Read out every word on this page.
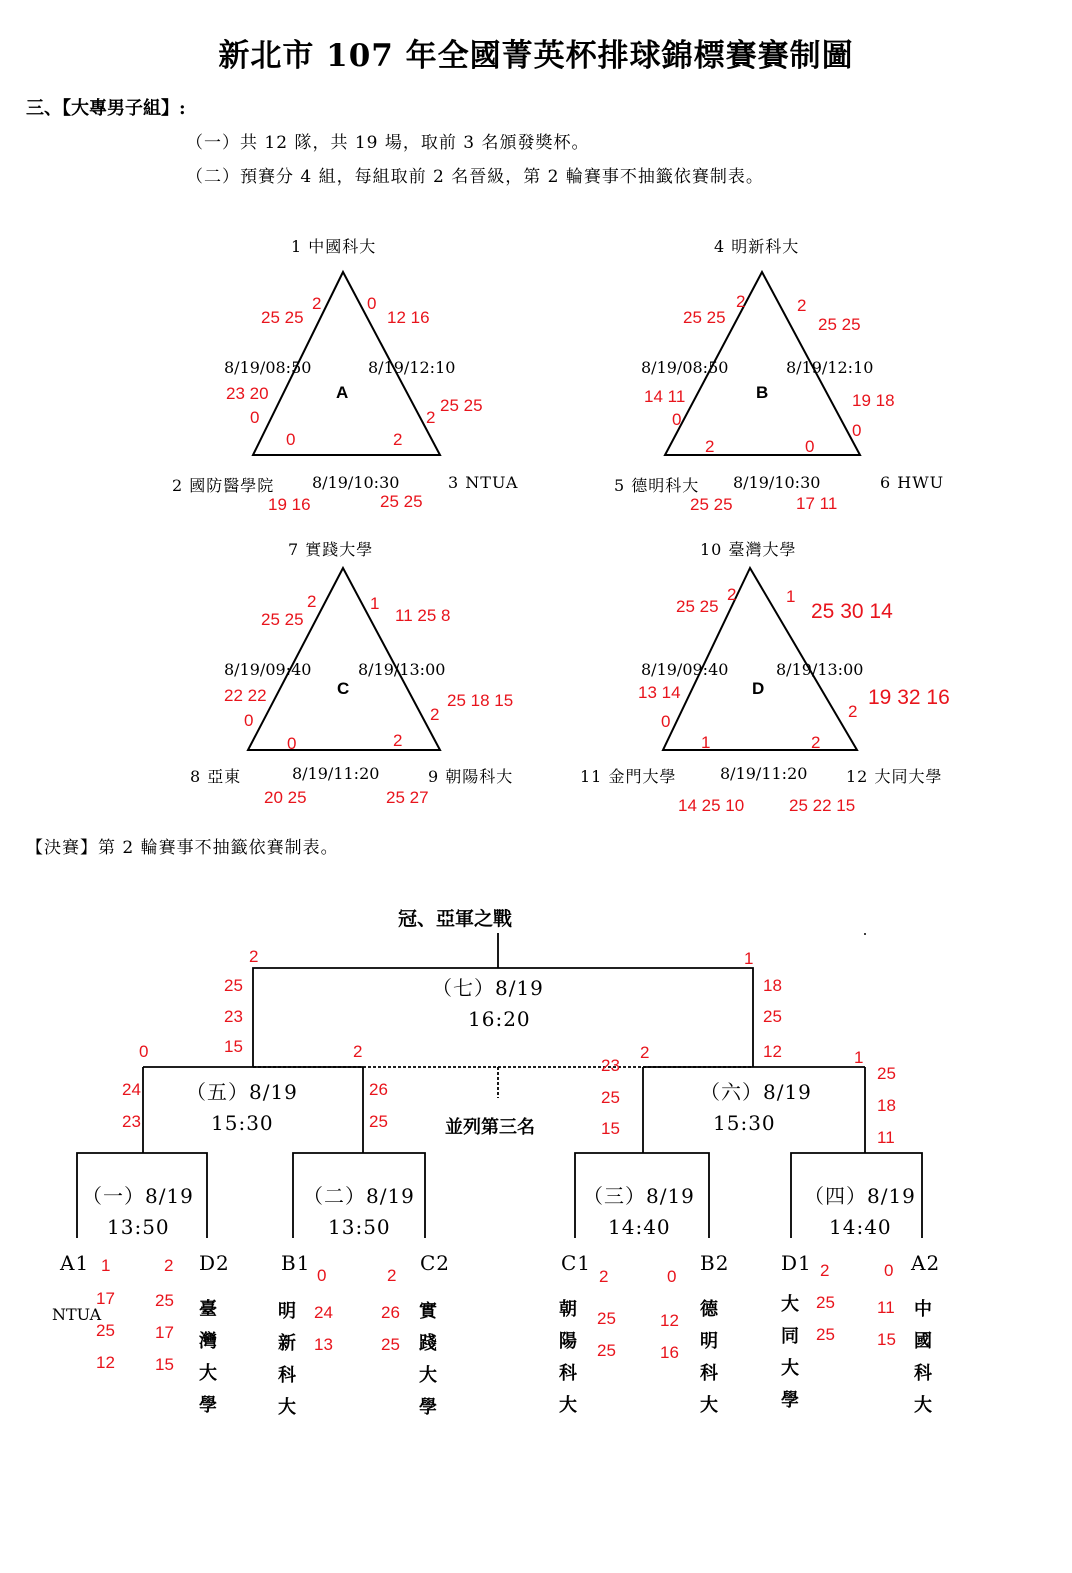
新北市 107 年全國菁英杯排球錦標賽賽制圖
三、【大專男子組】:
（一）共 12 隊，共 19 場，取前 3 名頒發獎杯。
（二）預賽分 4 組，每組取前 2 名晉級，第 2 輪賽事不抽籤依賽制表。
1 中國科大
2 國防醫學院	3 NTUA
8/19/08:50	8/19/12:10
8/19/10:30
A
25 25
2	0
12 16
23 20
0	2
25 25
0	2
19 16	25 25
4 明新科大
5 德明科大	6 HWU
8/19/08:50	8/19/12:10
8/19/10:30
B
25 25
2	2
25 25
14 11
0
0
19 18
2	0
25 25	17 11
7 實踐大學
8 亞東	9 朝陽科大
8/19/09:40	8/19/13:00
8/19/11:20
C
25 25
2	1
11 25 8
22 22
0	2
25 18 15
0	2
20 25	25 27
10 臺灣大學
11 金門大學	12 大同大學
8/19/09:40	8/19/13:00
8/19/11:20
D
25 25
2	1
25 30 14
13 14
0
2
19 32 16
1	2
14 25 10	25 22 15
【決賽】第 2 輪賽事不抽籤依賽制表。
冠、亞軍之戰
（七）8/19
16:20
2
25
23
15
1
18
25
12
（五）8/19
15:30
0
24
23
2
26
25	並列第三名
（六）8/19
15:30
2
23
25
15
1
25
18
11
（一）8/19
13:50
A1	D2
NTUA	臺灣大學
1
17
25
12
2
25
17
15
（二）8/19
13:50
B1	C2
明新科大
實踐大學
0
24
13
2
26
25
（三）8/19
14:40
C1	B2
朝陽科大
德明科大
2
25
25
0
12
16
（四）8/19
14:40
D1	A2
大同大學
中國科大
2
25
25
0
11
15
